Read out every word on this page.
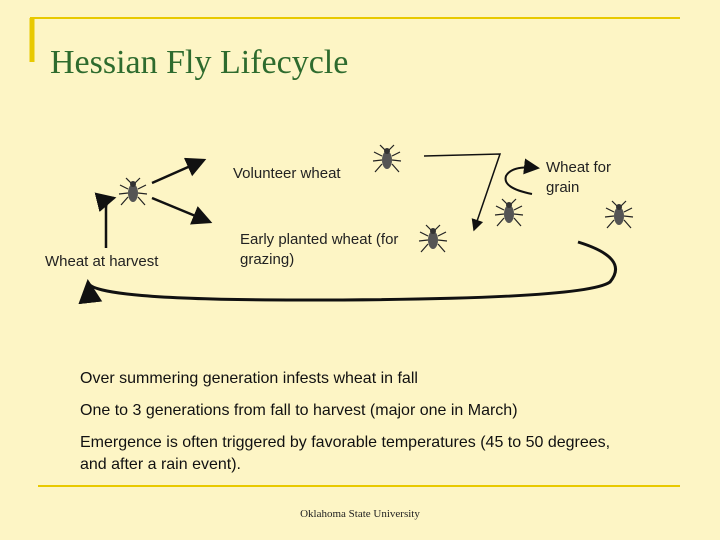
Hessian Fly Lifecycle
Volunteer wheat	Wheat for grain
Early planted wheat (for grazing)
Wheat at harvest
Over summering generation infests wheat in fall
One to 3 generations from fall to harvest (major one in March)
Emergence is often triggered by favorable temperatures (45 to 50 degrees, and after a rain event).
Oklahoma State University
